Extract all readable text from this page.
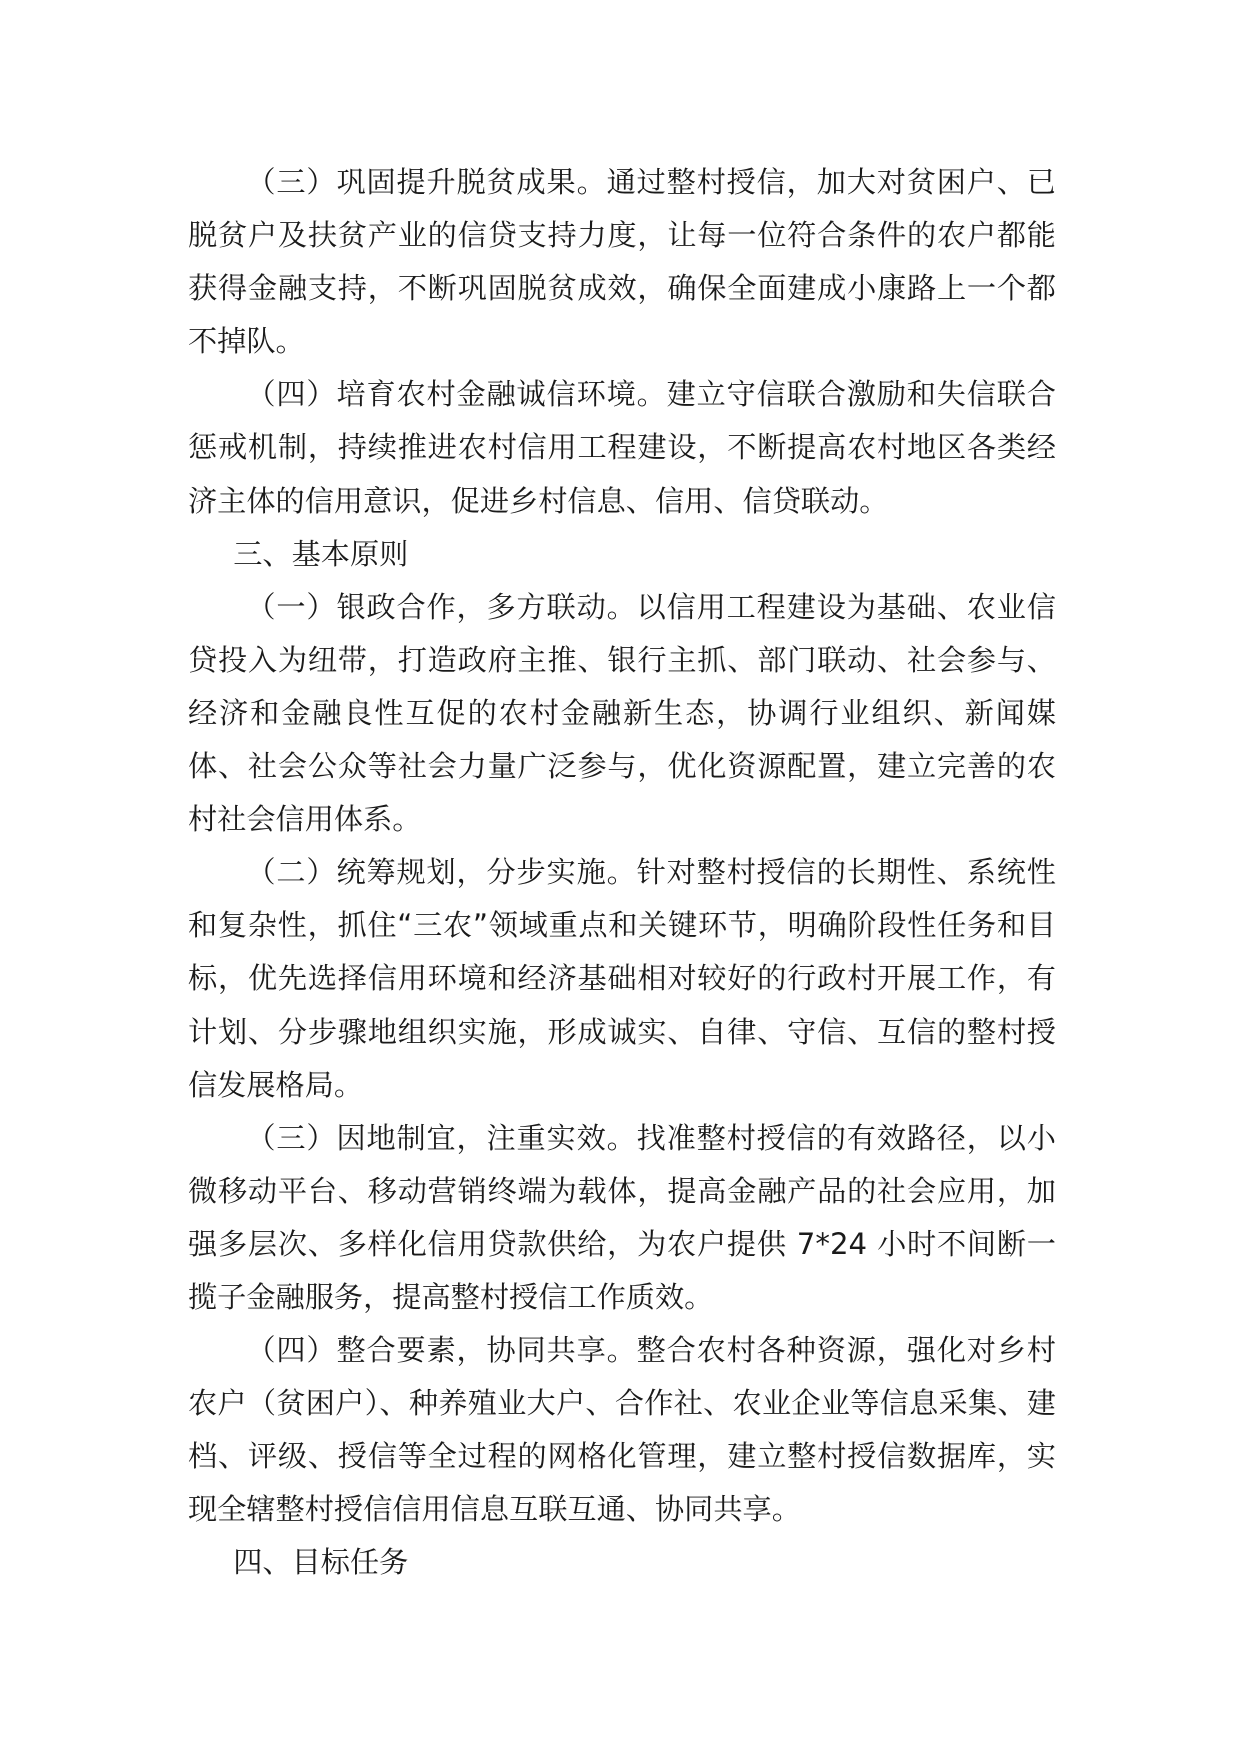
（三）巩固提升脱贫成果。通过整村授信，加大对贫困户、已脱贫户及扶贫产业的信贷支持力度，让每一位符合条件的农户都能获得金融支持，不断巩固脱贫成效，确保全面建成小康路上一个都不掉队。

（四）培育农村金融诚信环境。建立守信联合激励和失信联合惩戒机制，持续推进农村信用工程建设，不断提高农村地区各类经济主体的信用意识，促进乡村信息、信用、信贷联动。

三、基本原则

（一）银政合作，多方联动。以信用工程建设为基础、农业信贷投入为纽带，打造政府主推、银行主抓、部门联动、社会参与、经济和金融良性互促的农村金融新生态，协调行业组织、新闻媒体、社会公众等社会力量广泛参与，优化资源配置，建立完善的农村社会信用体系。

（二）统筹规划，分步实施。针对整村授信的长期性、系统性和复杂性，抓住“三农”领域重点和关键环节，明确阶段性任务和目标，优先选择信用环境和经济基础相对较好的行政村开展工作，有计划、分步骤地组织实施，形成诚实、自律、守信、互信的整村授信发展格局。

（三）因地制宜，注重实效。找准整村授信的有效路径，以小微移动平台、移动营销终端为载体，提高金融产品的社会应用，加强多层次、多样化信用贷款供给，为农户提供 7*24 小时不间断一揽子金融服务，提高整村授信工作质效。

（四）整合要素，协同共享。整合农村各种资源，强化对乡村农户（贫困户）、种养殖业大户、合作社、农业企业等信息采集、建档、评级、授信等全过程的网格化管理，建立整村授信数据库，实现全辖整村授信信用信息互联互通、协同共享。

四、目标任务
